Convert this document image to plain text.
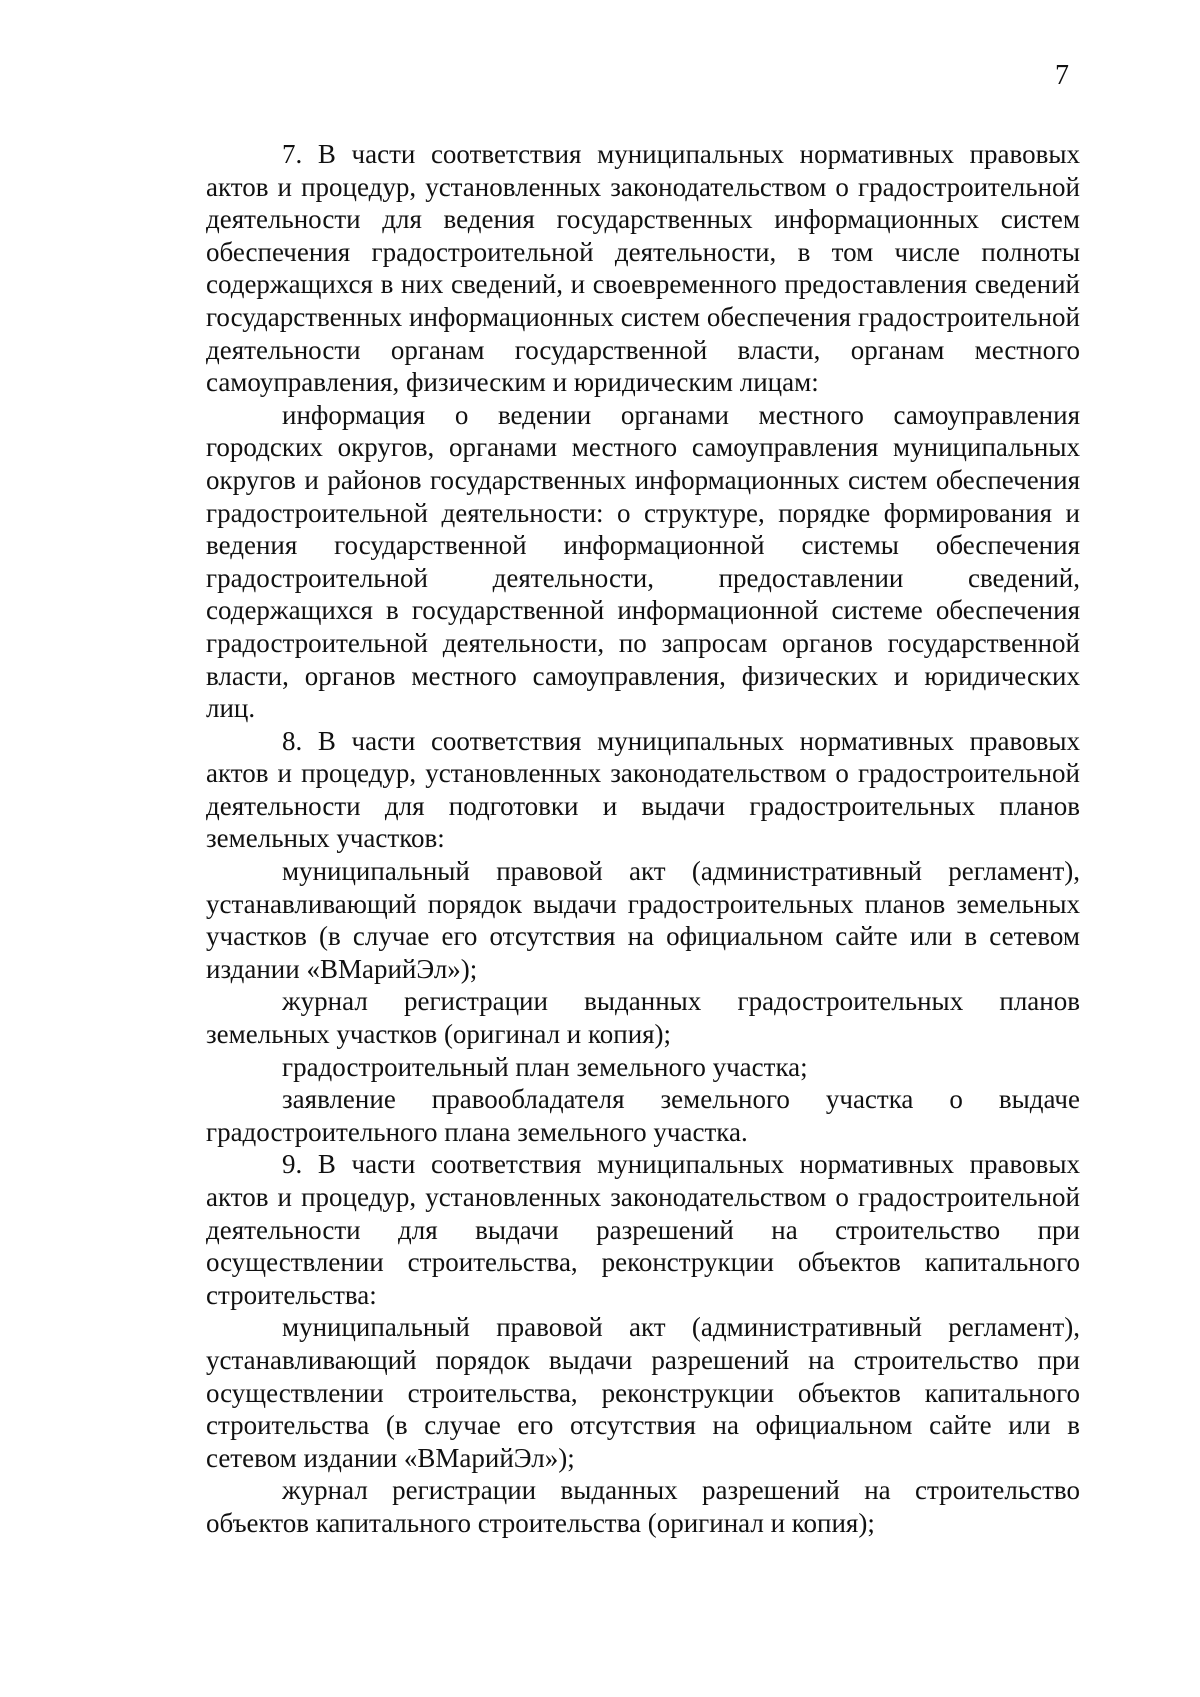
7

7. В части соответствия муниципальных нормативных правовых актов и процедур, установленных законодательством о градостроительной деятельности для ведения государственных информационных систем обеспечения градостроительной деятельности, в том числе полноты содержащихся в них сведений, и своевременного предоставления сведений государственных информационных систем обеспечения градостроительной деятельности органам государственной власти, органам местного самоуправления, физическим и юридическим лицам:

информация о ведении органами местного самоуправления городских округов, органами местного самоуправления муниципальных округов и районов государственных информационных систем обеспечения градостроительной деятельности: о структуре, порядке формирования и ведения государственной информационной системы обеспечения градостроительной деятельности, предоставлении сведений, содержащихся в государственной информационной системе обеспечения градостроительной деятельности, по запросам органов государственной власти, органов местного самоуправления, физических и юридических лиц.

8. В части соответствия муниципальных нормативных правовых актов и процедур, установленных законодательством о градостроительной деятельности для подготовки и выдачи градостроительных планов земельных участков:

муниципальный правовой акт (административный регламент), устанавливающий порядок выдачи градостроительных планов земельных участков (в случае его отсутствия на официальном сайте или в сетевом издании «ВМарийЭл»);

журнал регистрации выданных градостроительных планов земельных участков (оригинал и копия);

градостроительный план земельного участка;

заявление правообладателя земельного участка о выдаче градостроительного плана земельного участка.

9. В части соответствия муниципальных нормативных правовых актов и процедур, установленных законодательством о градостроительной деятельности для выдачи разрешений на строительство при осуществлении строительства, реконструкции объектов капитального строительства:

муниципальный правовой акт (административный регламент), устанавливающий порядок выдачи разрешений на строительство при осуществлении строительства, реконструкции объектов капитального строительства (в случае его отсутствия на официальном сайте или в сетевом издании «ВМарийЭл»);

журнал регистрации выданных разрешений на строительство объектов капитального строительства (оригинал и копия);
